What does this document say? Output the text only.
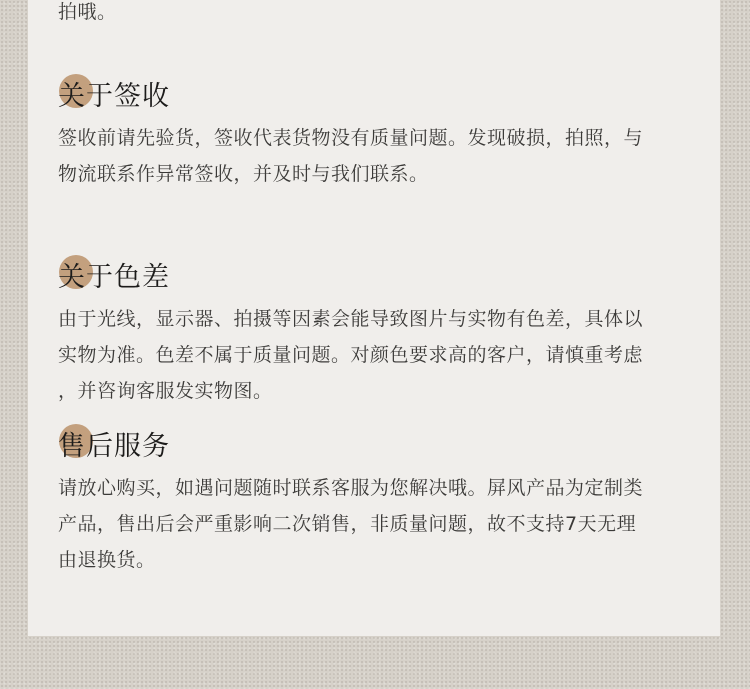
拍哦。

关于签收

签收前请先验货，签收代表货物没有质量问题。发现破损，拍照，与
物流联系作异常签收，并及时与我们联系。

关于色差

由于光线，显示器、拍摄等因素会能导致图片与实物有色差，具体以
实物为准。色差不属于质量问题。对颜色要求高的客户，请慎重考虑
，并咨询客服发实物图。

售后服务

请放心购买，如遇问题随时联系客服为您解决哦。屏风产品为定制类
产品，售出后会严重影响二次销售，非质量问题，故不支持7天无理
由退换货。
